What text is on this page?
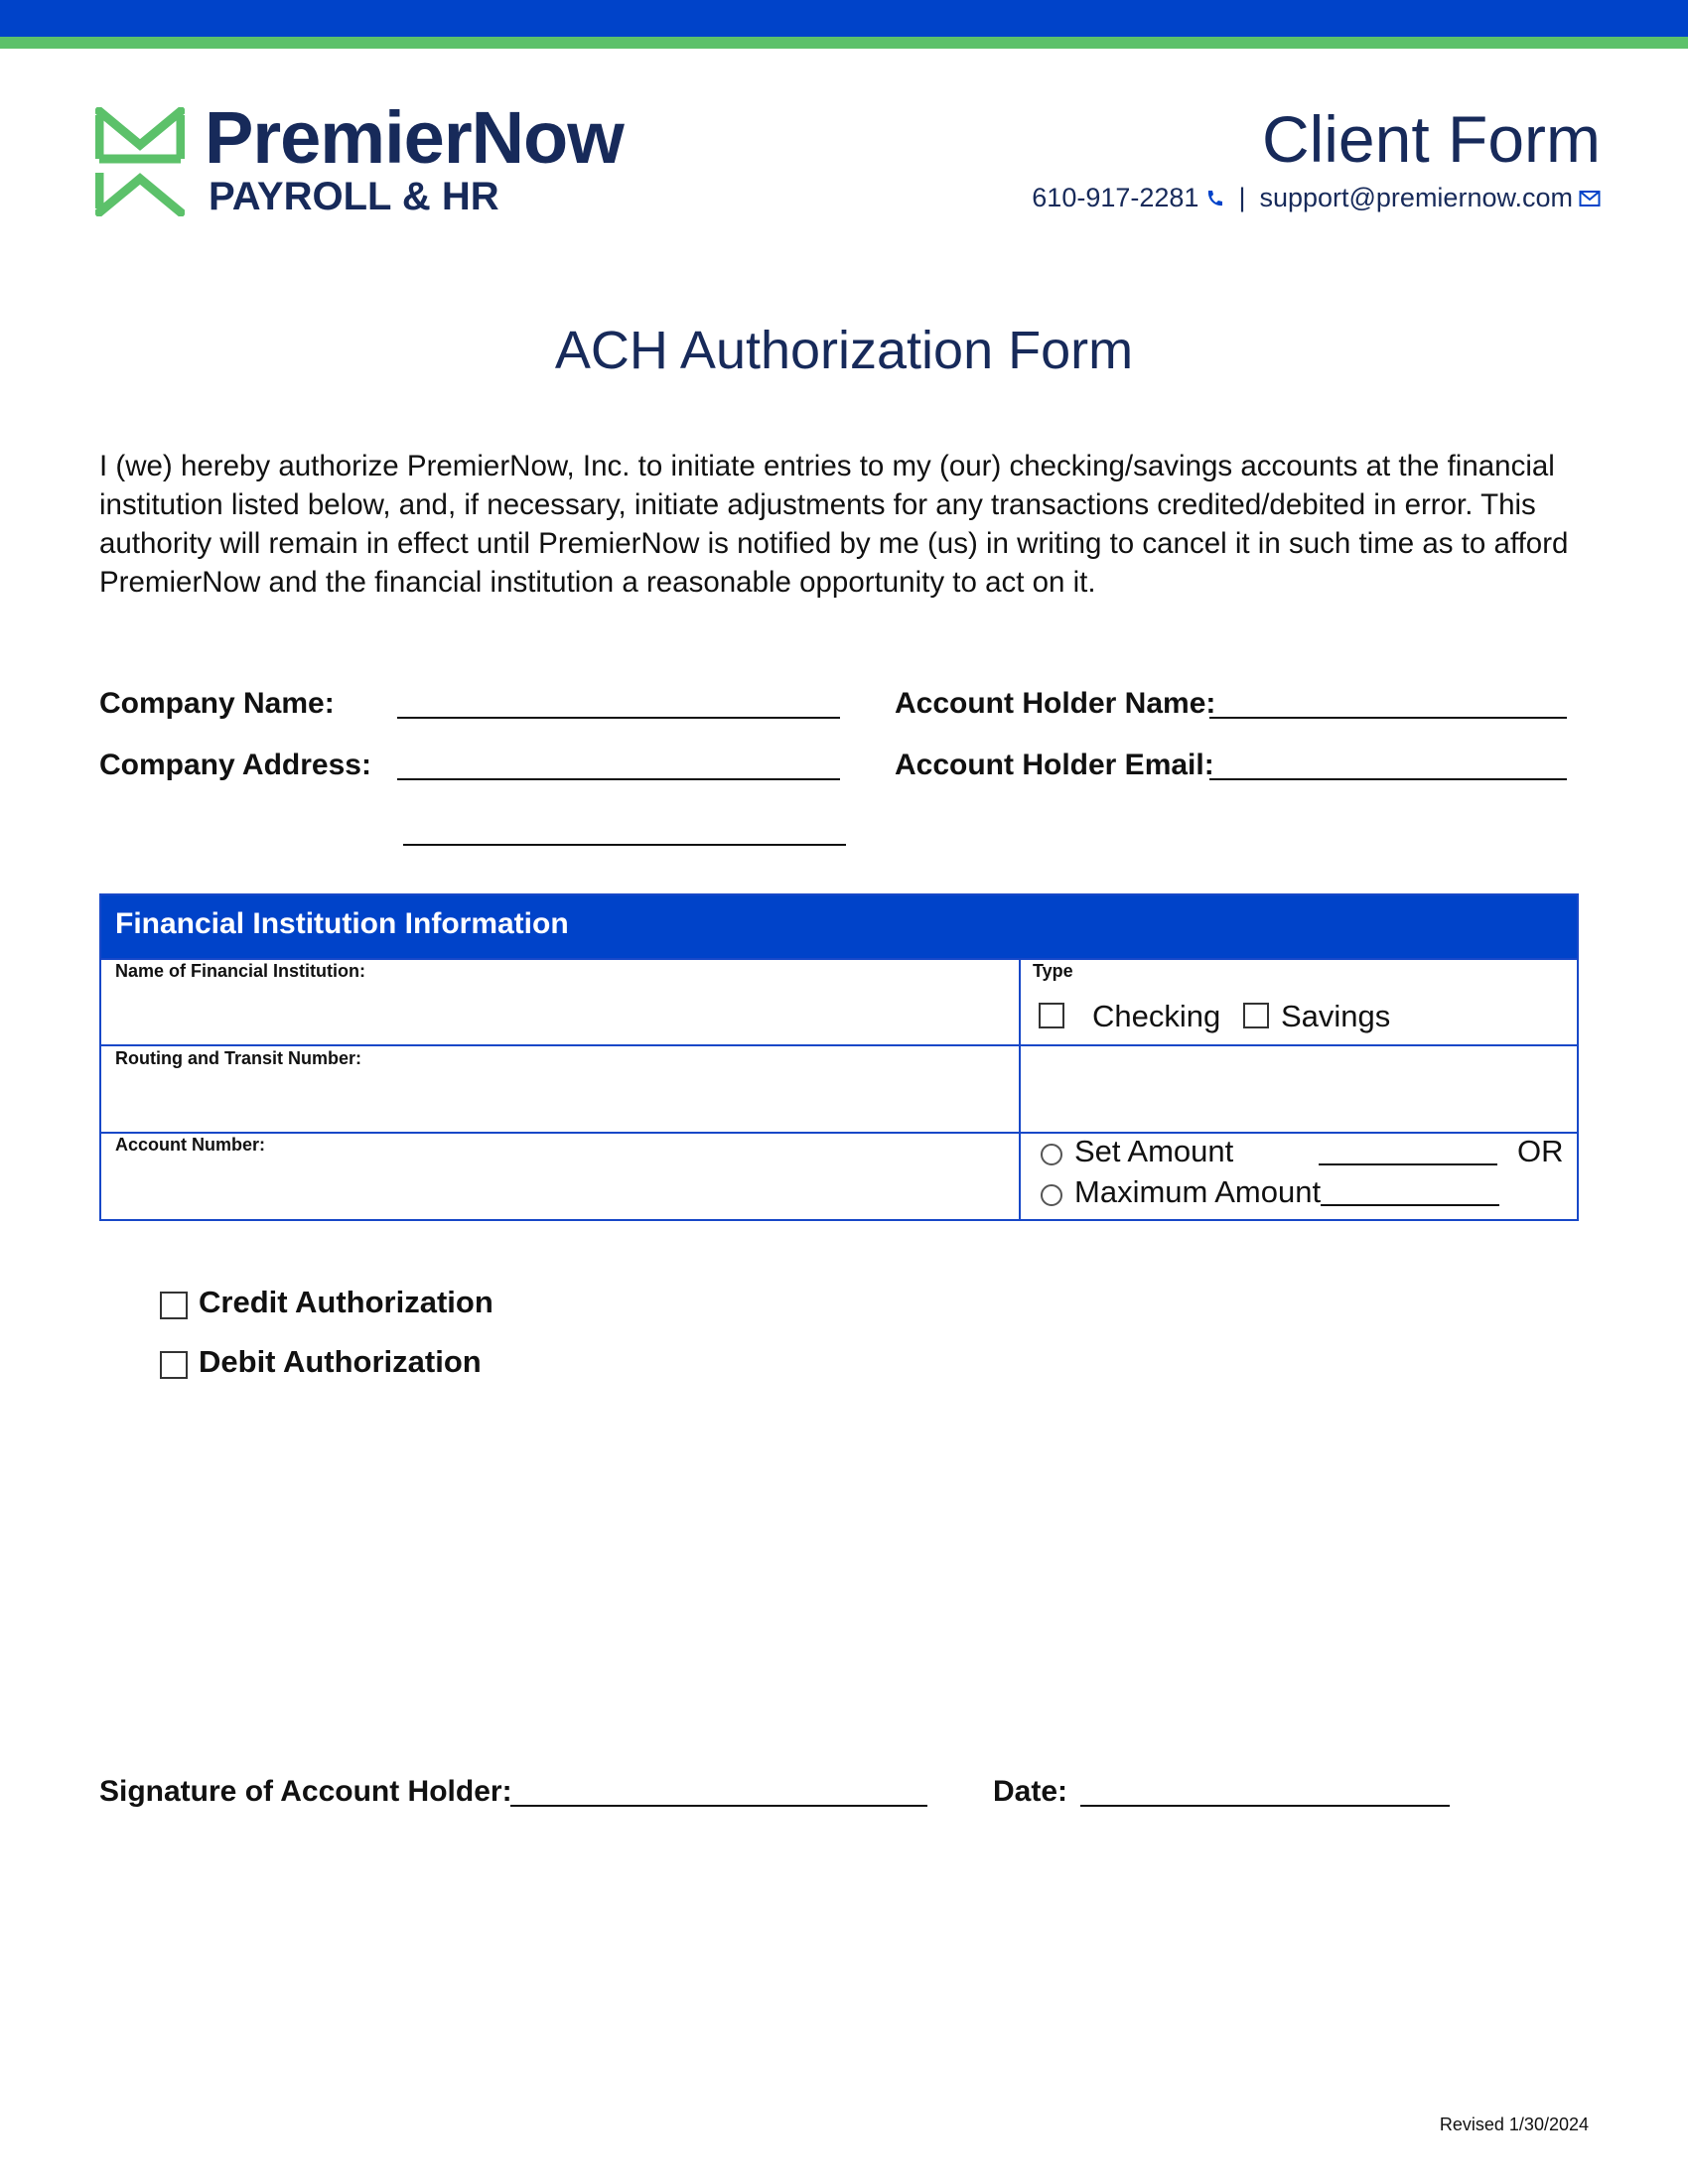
PremierNow
PAYROLL & HR
Client Form
610-917-2281 | support@premiernow.com
ACH Authorization Form
I (we) hereby authorize PremierNow, Inc. to initiate entries to my (our) checking/savings accounts at the financial institution listed below, and, if necessary, initiate adjustments for any transactions credited/debited in error. This authority will remain in effect until PremierNow is notified by me (us) in writing to cancel it in such time as to afford PremierNow and the financial institution a reasonable opportunity to act on it.
Company Name:
Company Address:
Account Holder Name:
Account Holder Email:
Financial Institution Information
Name of Financial Institution:
Routing and Transit Number:
Account Number:
Type
Checking Savings
Set Amount	OR
Maximum Amount
Credit Authorization
Debit Authorization
Signature of Account Holder:	Date:
Revised 1/30/2024
